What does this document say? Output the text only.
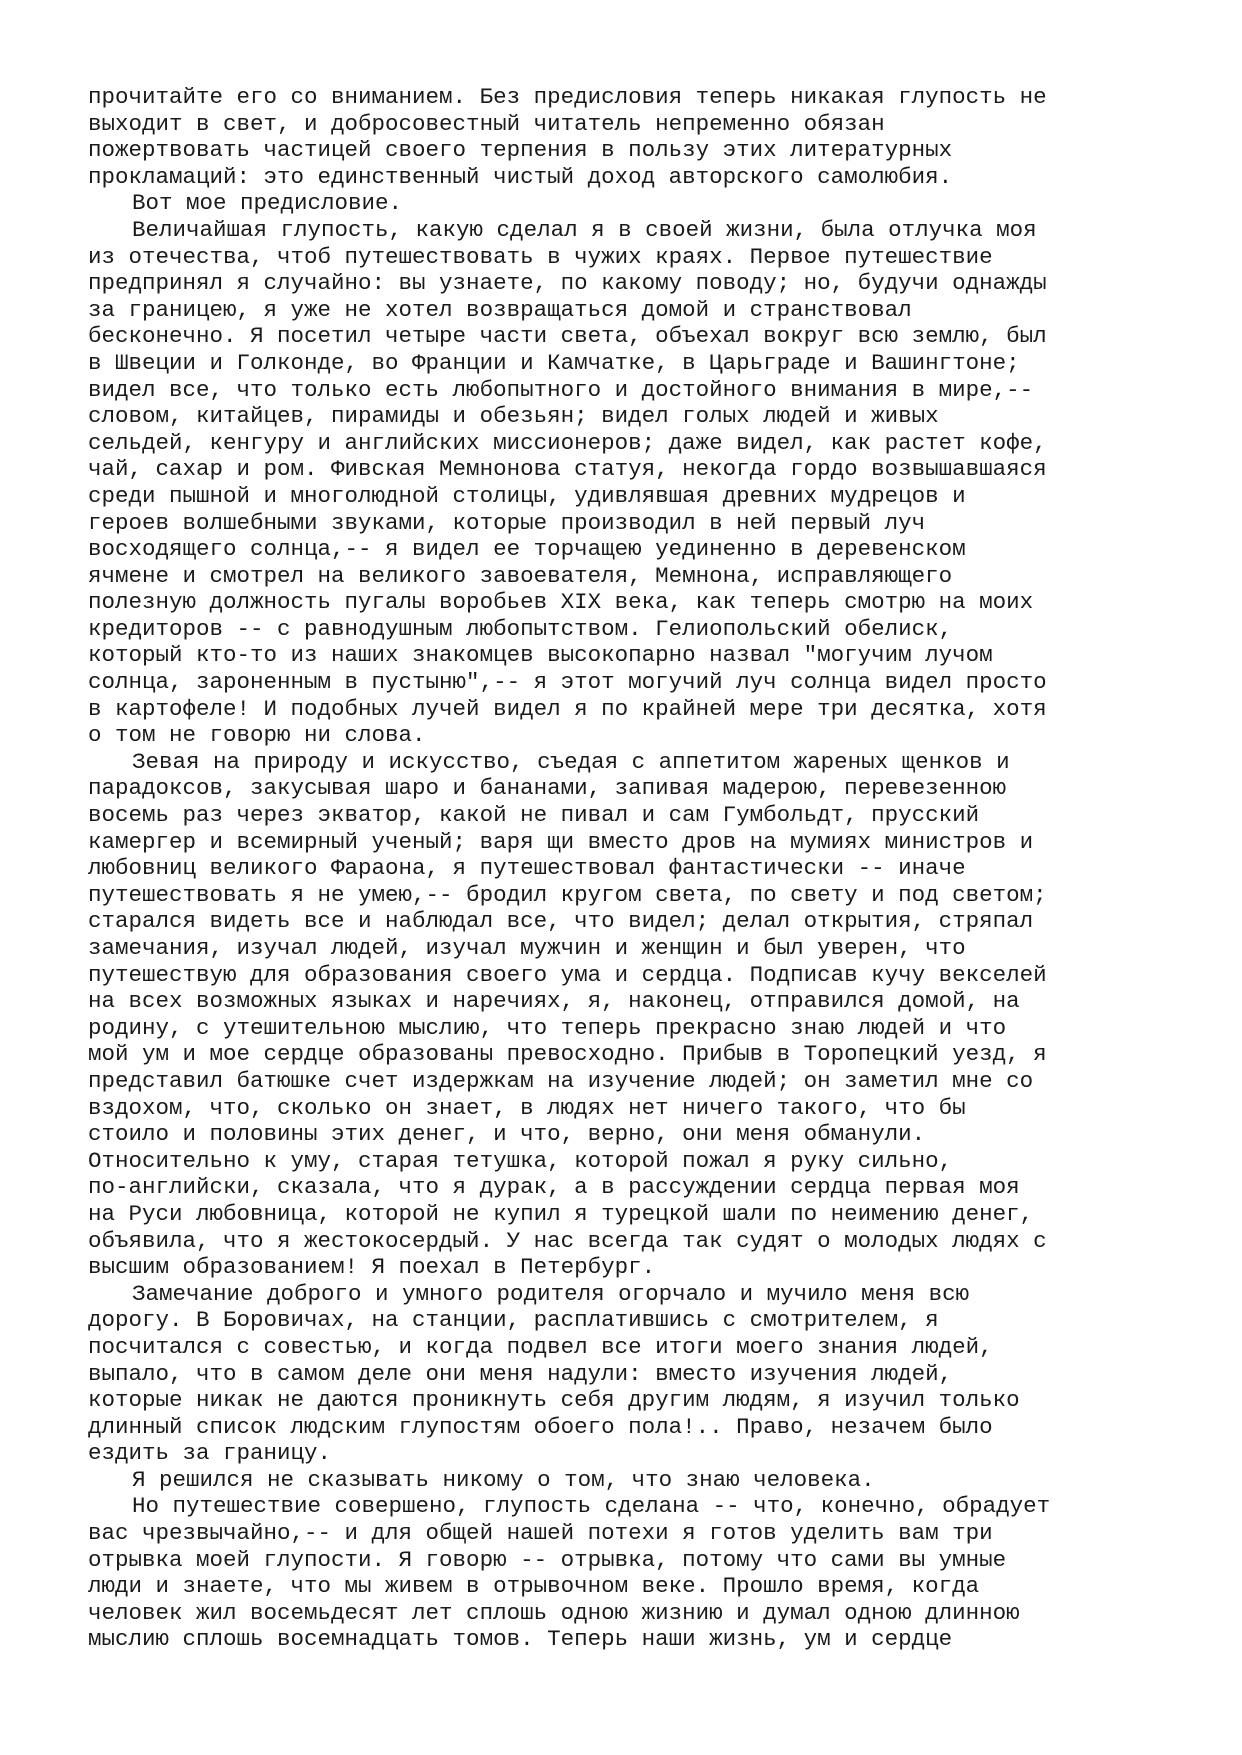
прочитайте его со вниманием. Без предисловия теперь никакая глупость не
выходит в свет, и добросовестный читатель непременно обязан
пожертвовать частицей своего терпения в пользу этих литературных
прокламаций: это единственный чистый доход авторского самолюбия.
Вот мое предисловие.
Величайшая глупость, какую сделал я в своей жизни, была отлучка моя
из отечества, чтоб путешествовать в чужих краях. Первое путешествие
предпринял я случайно: вы узнаете, по какому поводу; но, будучи однажды
за границею, я уже не хотел возвращаться домой и странствовал
бесконечно. Я посетил четыре части света, объехал вокруг всю землю, был
в Швеции и Голконде, во Франции и Камчатке, в Царьграде и Вашингтоне;
видел все, что только есть любопытного и достойного внимания в мире,--
словом, китайцев, пирамиды и обезьян; видел голых людей и живых
сельдей, кенгуру и английских миссионеров; даже видел, как растет кофе,
чай, сахар и ром. Фивская Мемнонова статуя, некогда гордо возвышавшаяся
среди пышной и многолюдной столицы, удивлявшая древних мудрецов и
героев волшебными звуками, которые производил в ней первый луч
восходящего солнца,-- я видел ее торчащею уединенно в деревенском
ячмене и смотрел на великого завоевателя, Мемнона, исправляющего
полезную должность пугалы воробьев XIX века, как теперь смотрю на моих
кредиторов -- с равнодушным любопытством. Гелиопольский обелиск,
который кто-то из наших знакомцев высокопарно назвал "могучим лучом
солнца, зароненным в пустыню",-- я этот могучий луч солнца видел просто
в картофеле! И подобных лучей видел я по крайней мере три десятка, хотя
о том не говорю ни слова.
Зевая на природу и искусство, съедая с аппетитом жареных щенков и
парадоксов, закусывая шаро и бананами, запивая мадерою, перевезенною
восемь раз через экватор, какой не пивал и сам Гумбольдт, прусский
камергер и всемирный ученый; варя щи вместо дров на мумиях министров и
любовниц великого Фараона, я путешествовал фантастически -- иначе
путешествовать я не умею,-- бродил кругом света, по свету и под светом;
старался видеть все и наблюдал все, что видел; делал открытия, стряпал
замечания, изучал людей, изучал мужчин и женщин и был уверен, что
путешествую для образования своего ума и сердца. Подписав кучу векселей
на всех возможных языках и наречиях, я, наконец, отправился домой, на
родину, с утешительною мыслию, что теперь прекрасно знаю людей и что
мой ум и мое сердце образованы превосходно. Прибыв в Торопецкий уезд, я
представил батюшке счет издержкам на изучение людей; он заметил мне со
вздохом, что, сколько он знает, в людях нет ничего такого, что бы
стоило и половины этих денег, и что, верно, они меня обманули.
Относительно к уму, старая тетушка, которой пожал я руку сильно,
по-английски, сказала, что я дурак, а в рассуждении сердца первая моя
на Руси любовница, которой не купил я турецкой шали по неимению денег,
объявила, что я жестокосердый. У нас всегда так судят о молодых людях с
высшим образованием! Я поехал в Петербург.
Замечание доброго и умного родителя огорчало и мучило меня всю
дорогу. В Боровичах, на станции, расплатившись с смотрителем, я
посчитался с совестью, и когда подвел все итоги моего знания людей,
выпало, что в самом деле они меня надули: вместо изучения людей,
которые никак не даются проникнуть себя другим людям, я изучил только
длинный список людским глупостям обоего пола!.. Право, незачем было
ездить за границу.
Я решился не сказывать никому о том, что знаю человека.
Но путешествие совершено, глупость сделана -- что, конечно, обрадует
вас чрезвычайно,-- и для общей нашей потехи я готов уделить вам три
отрывка моей глупости. Я говорю -- отрывка, потому что сами вы умные
люди и знаете, что мы живем в отрывочном веке. Прошло время, когда
человек жил восемьдесят лет сплошь одною жизнию и думал одною длинною
мыслию сплошь восемнадцать томов. Теперь наши жизнь, ум и сердце
